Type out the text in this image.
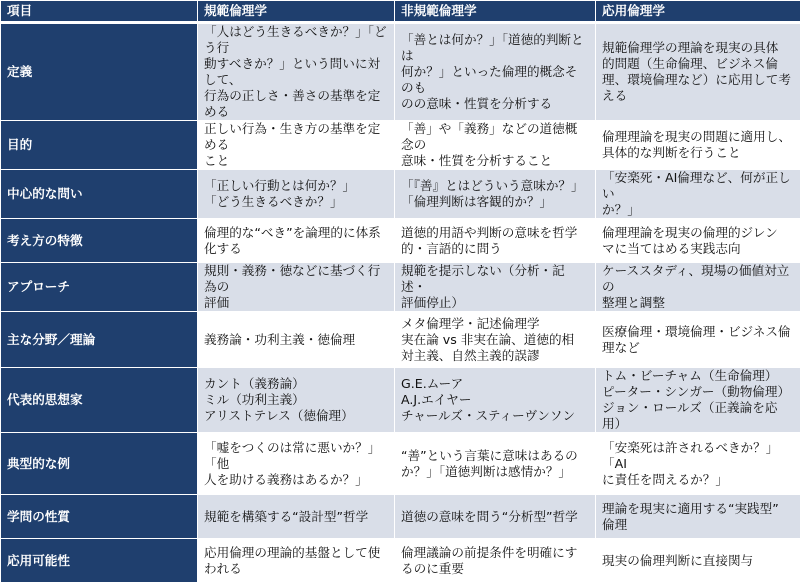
項目	規範倫理学	非規範倫理学	応用倫理学
定義	「人はどう生きるべきか？」「どう行
動すべきか？」という問いに対して、
行為の正しさ・善さの基準を定める	「善とは何か？」「道徳的判断とは
何か？」といった倫理的概念そのも
のの意味・性質を分析する	規範倫理学の理論を現実の具体
的問題（生命倫理、ビジネス倫
理、環境倫理など）に応用して考
える
目的	正しい行為・生き方の基準を定める
こと	「善」や「義務」などの道徳概念の
意味・性質を分析すること	倫理理論を現実の問題に適用し、
具体的な判断を行うこと
中心的な問い	「正しい行動とは何か？」
「どう生きるべきか？」	「『善』とはどういう意味か？」
「倫理判断は客観的か？」	「安楽死・AI倫理など、何が正しい
か？」
考え方の特徴	倫理的な“べき”を論理的に体系
化する	道徳的用語や判断の意味を哲学
的・言語的に問う	倫理理論を現実の倫理的ジレン
マに当てはめる実践志向
アプローチ	規則・義務・徳などに基づく行為の
評価	規範を提示しない（分析・記述・
評価停止）	ケーススタディ、現場の価値対立の
整理と調整
主な分野／理論	義務論・功利主義・徳倫理	メタ倫理学・記述倫理学
実在論 vs 非実在論、道徳的相
対主義、自然主義的誤謬	医療倫理・環境倫理・ビジネス倫
理など
代表的思想家	カント（義務論）
ミル（功利主義）
アリストテレス（徳倫理）	G.E.ムーア
A.J.エイヤー
チャールズ・スティーヴンソン	トム・ビーチャム（生命倫理）
ピーター・シンガー（動物倫理）
ジョン・ロールズ（正義論を応用）
典型的な例	「嘘をつくのは常に悪いか？」「他
人を助ける義務はあるか？」	“善”という言葉に意味はあるの
か？」「道徳判断は感情か？」	「安楽死は許されるべきか？」「AI
に責任を問えるか？」
学問の性質	規範を構築する“設計型”哲学	道徳の意味を問う“分析型”哲学	理論を現実に適用する“実践型”
倫理
応用可能性	応用倫理の理論的基盤として使
われる	倫理議論の前提条件を明確にす
るのに重要	現実の倫理判断に直接関与
